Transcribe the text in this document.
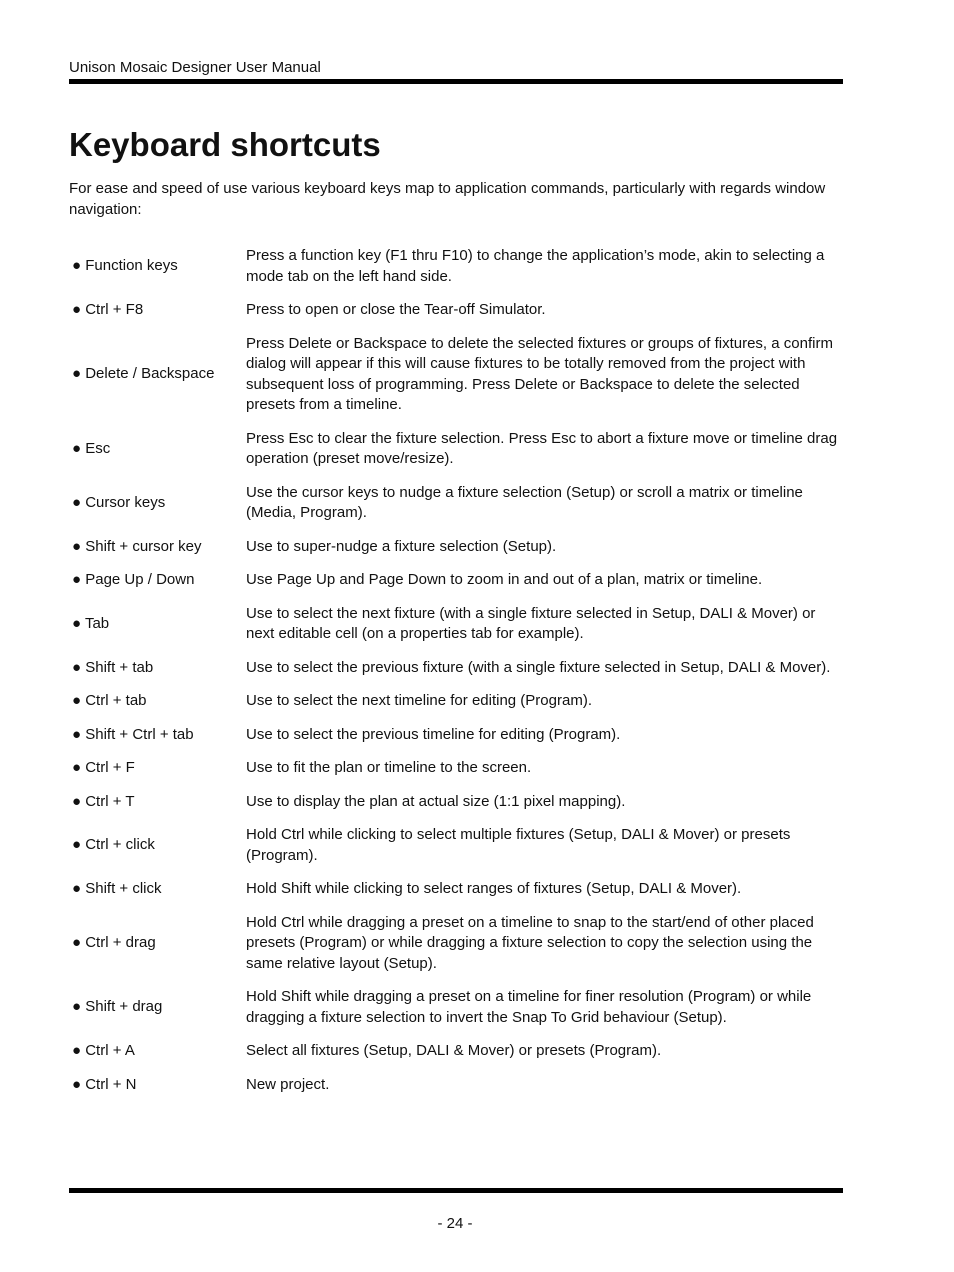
Unison Mosaic Designer User Manual
Keyboard shortcuts

For ease and speed of use various keyboard keys map to application commands, particularly with regards window navigation:

● Function keys	Press a function key (F1 thru F10) to change the application’s mode, akin to selecting a mode tab on the left hand side.
● Ctrl + F8	Press to open or close the Tear-off Simulator.
● Delete / Backspace	Press Delete or Backspace to delete the selected fixtures or groups of fixtures, a confirm dialog will appear if this will cause fixtures to be totally removed from the project with subsequent loss of programming. Press Delete or Backspace to delete the selected presets from a timeline.
● Esc	Press Esc to clear the fixture selection. Press Esc to abort a fixture move or timeline drag operation (preset move/resize).
● Cursor keys	Use the cursor keys to nudge a fixture selection (Setup) or scroll a matrix or timeline (Media, Program).
● Shift + cursor key	Use to super-nudge a fixture selection (Setup).
● Page Up / Down	Use Page Up and Page Down to zoom in and out of a plan, matrix or timeline.
● Tab	Use to select the next fixture (with a single fixture selected in Setup, DALI & Mover) or next editable cell (on a properties tab for example).
● Shift + tab	Use to select the previous fixture (with a single fixture selected in Setup, DALI & Mover).
● Ctrl + tab	Use to select the next timeline for editing (Program).
● Shift + Ctrl + tab	Use to select the previous timeline for editing (Program).
● Ctrl + F	Use to fit the plan or timeline to the screen.
● Ctrl + T	Use to display the plan at actual size (1:1 pixel mapping).
● Ctrl + click	Hold Ctrl while clicking to select multiple fixtures (Setup, DALI & Mover) or presets (Program).
● Shift + click	Hold Shift while clicking to select ranges of fixtures (Setup, DALI & Mover).
● Ctrl + drag	Hold Ctrl while dragging a preset on a timeline to snap to the start/end of other placed presets (Program) or while dragging a fixture selection to copy the selection using the same relative layout (Setup).
● Shift + drag	Hold Shift while dragging a preset on a timeline for finer resolution (Program) or while dragging a fixture selection to invert the Snap To Grid behaviour (Setup).
● Ctrl + A	Select all fixtures (Setup, DALI & Mover) or presets (Program).
● Ctrl + N	New project.
- 24 -
